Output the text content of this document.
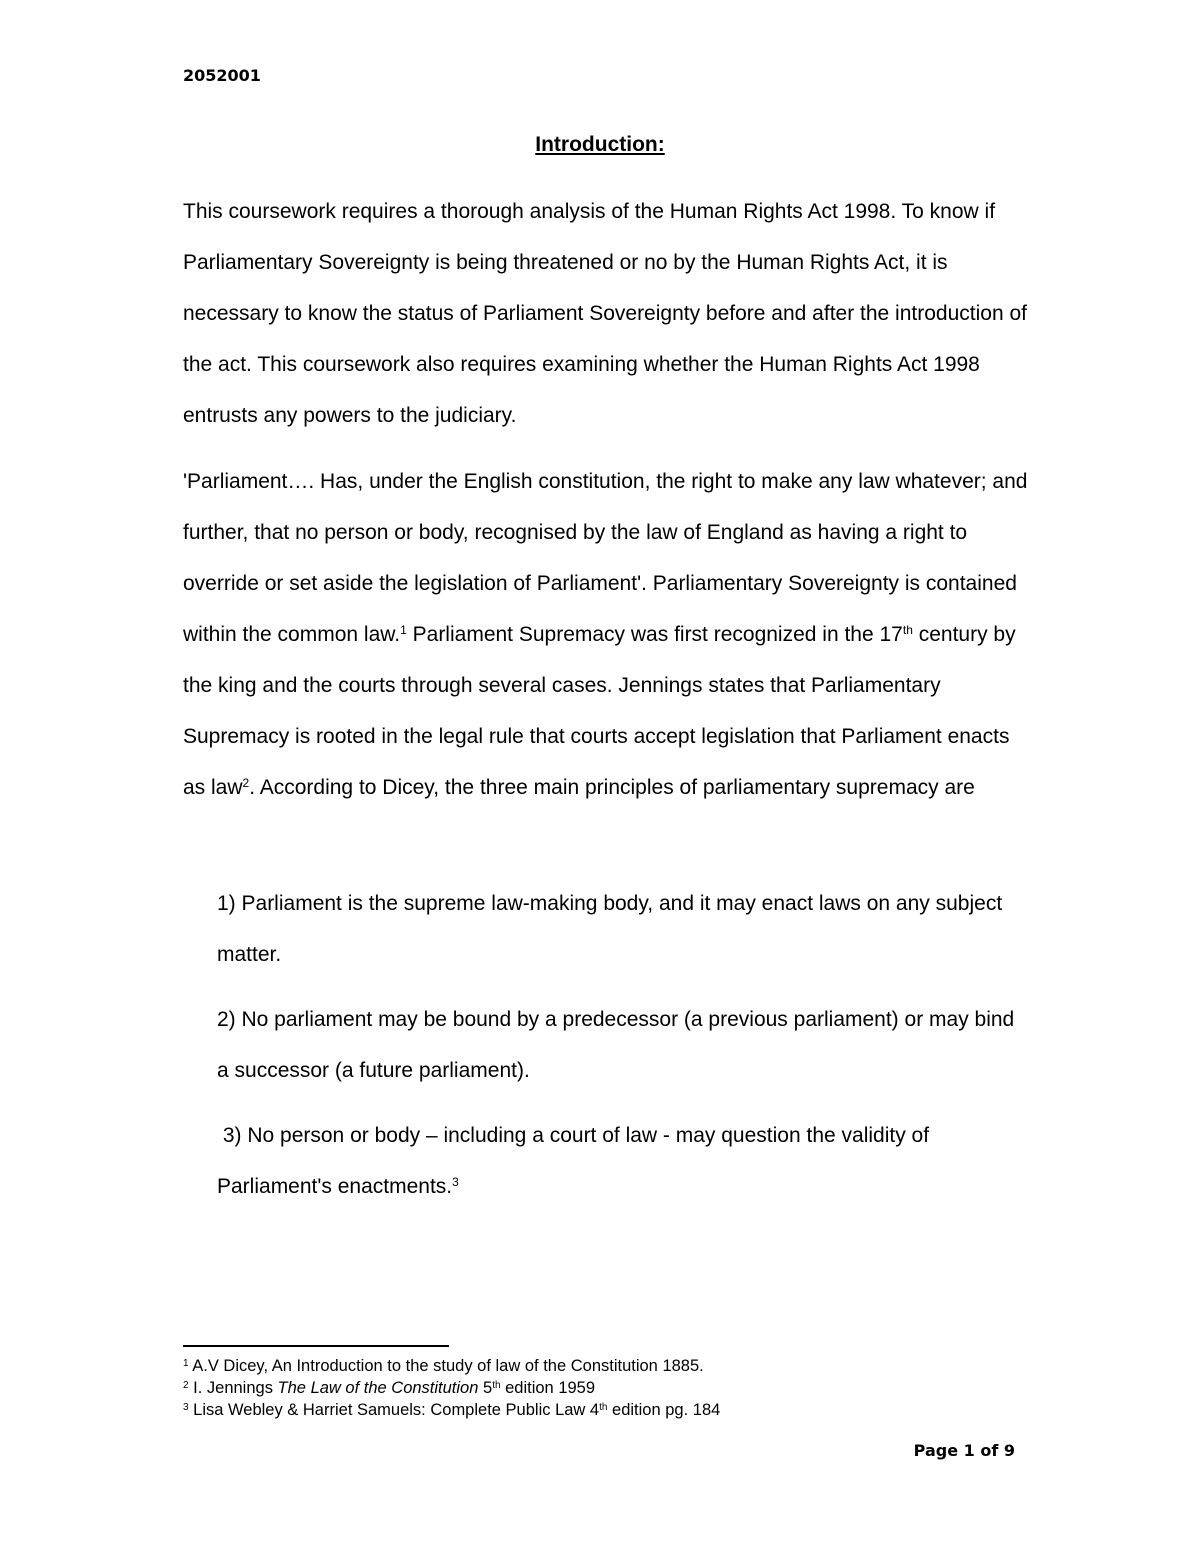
2052001
Introduction:

This coursework requires a thorough analysis of the Human Rights Act 1998. To know if Parliamentary Sovereignty is being threatened or no by the Human Rights Act, it is necessary to know the status of Parliament Sovereignty before and after the introduction of the act. This coursework also requires examining whether the Human Rights Act 1998 entrusts any powers to the judiciary.

'Parliament…. Has, under the English constitution, the right to make any law whatever; and further, that no person or body, recognised by the law of England as having a right to override or set aside the legislation of Parliament'. Parliamentary Sovereignty is contained within the common law.$^1$ Parliament Supremacy was first recognized in the 17th century by the king and the courts through several cases. Jennings states that Parliamentary Supremacy is rooted in the legal rule that courts accept legislation that Parliament enacts as law$^2$. According to Dicey, the three main principles of parliamentary supremacy are

1) Parliament is the supreme law-making body, and it may enact laws on any subject matter.

2) No parliament may be bound by a predecessor (a previous parliament) or may bind a successor (a future parliament).

3) No person or body – including a court of law - may question the validity of Parliament's enactments.$^3$

$^1$ A.V Dicey, An Introduction to the study of law of the Constitution 1885.
$^2$ I. Jennings The Law of the Constitution 5th edition 1959
$^3$ Lisa Webley & Harriet Samuels: Complete Public Law 4th edition pg. 184
Page 1 of 9
